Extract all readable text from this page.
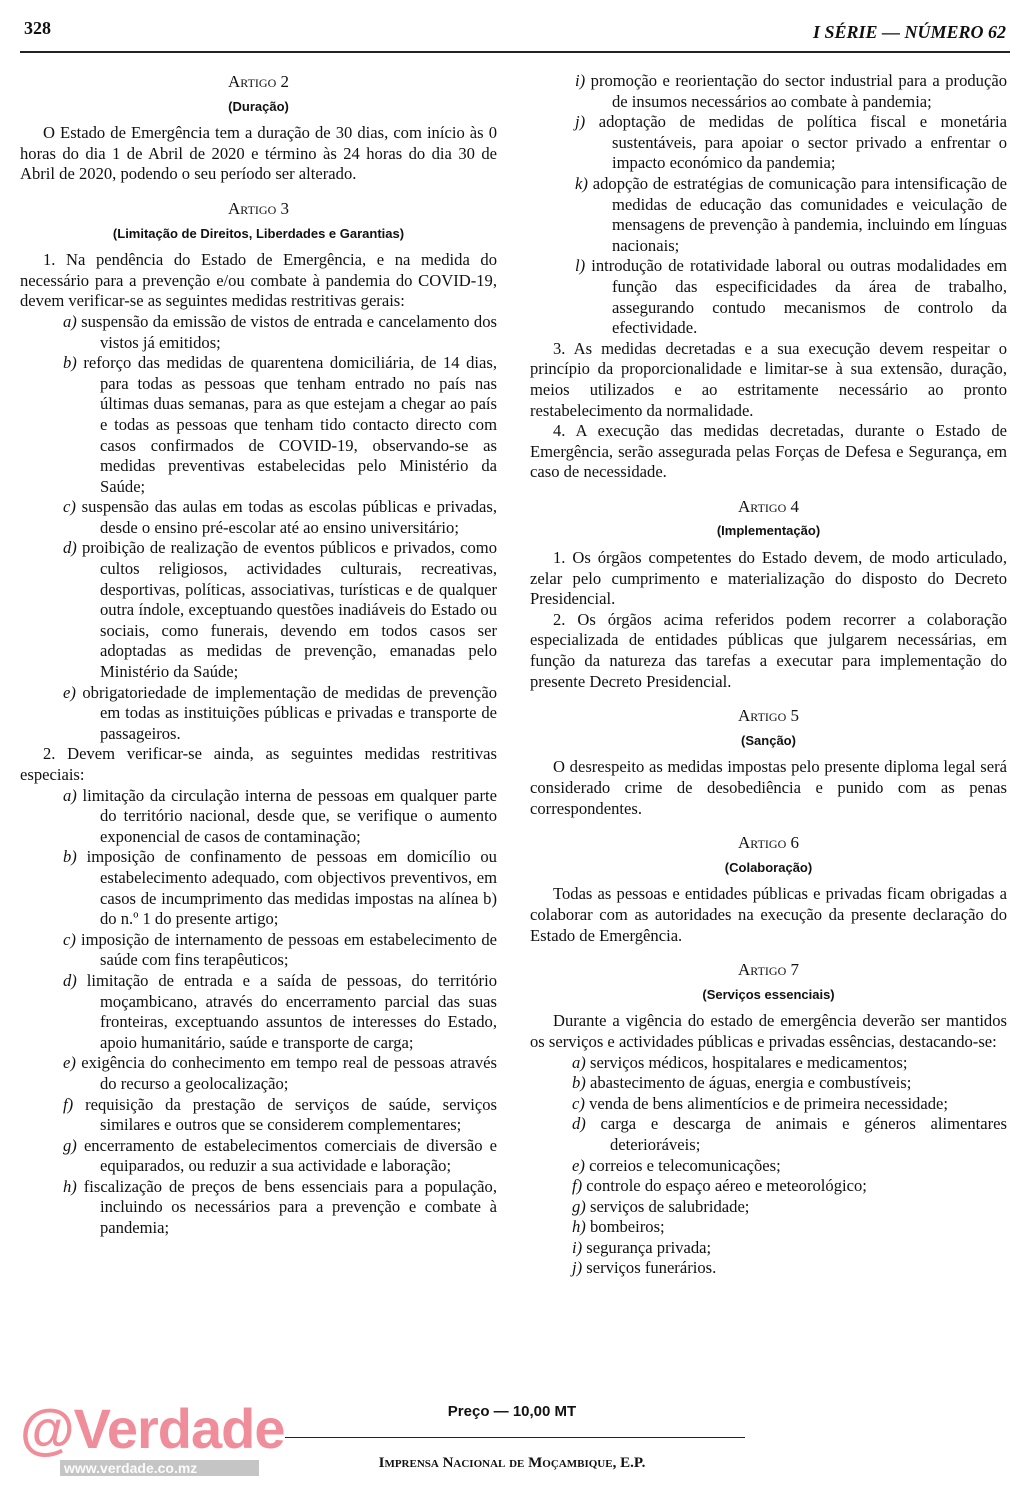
328	I SÉRIE — NÚMERO 62
Artigo 2
(Duração)
O Estado de Emergência tem a duração de 30 dias, com início às 0 horas do dia 1 de Abril de 2020 e término às 24 horas do dia 30 de Abril de 2020, podendo o seu período ser alterado.
Artigo 3
(Limitação de Direitos, Liberdades e Garantias)
1. Na pendência do Estado de Emergência, e na medida do necessário para a prevenção e/ou combate à pandemia do COVID-19, devem verificar-se as seguintes medidas restritivas gerais:
a) suspensão da emissão de vistos de entrada e cancelamento dos vistos já emitidos;
b) reforço das medidas de quarentena domiciliária, de 14 dias, para todas as pessoas que tenham entrado no país nas últimas duas semanas, para as que estejam a chegar ao país e todas as pessoas que tenham tido contacto directo com casos confirmados de COVID-19, observando-se as medidas preventivas estabelecidas pelo Ministério da Saúde;
c) suspensão das aulas em todas as escolas públicas e privadas, desde o ensino pré-escolar até ao ensino universitário;
d) proibição de realização de eventos públicos e privados, como cultos religiosos, actividades culturais, recreativas, desportivas, políticas, associativas, turísticas e de qualquer outra índole, exceptuando questões inadiáveis do Estado ou sociais, como funerais, devendo em todos casos ser adoptadas as medidas de prevenção, emanadas pelo Ministério da Saúde;
e) obrigatoriedade de implementação de medidas de prevenção em todas as instituições públicas e privadas e transporte de passageiros.
2. Devem verificar-se ainda, as seguintes medidas restritivas especiais:
a) limitação da circulação interna de pessoas em qualquer parte do território nacional, desde que, se verifique o aumento exponencial de casos de contaminação;
b) imposição de confinamento de pessoas em domicílio ou estabelecimento adequado, com objectivos preventivos, em casos de incumprimento das medidas impostas na alínea b) do n.º 1 do presente artigo;
c) imposição de internamento de pessoas em estabelecimento de saúde com fins terapêuticos;
d) limitação de entrada e a saída de pessoas, do território moçambicano, através do encerramento parcial das suas fronteiras, exceptuando assuntos de interesses do Estado, apoio humanitário, saúde e transporte de carga;
e) exigência do conhecimento em tempo real de pessoas através do recurso a geolocalização;
f) requisição da prestação de serviços de saúde, serviços similares e outros que se considerem complementares;
g) encerramento de estabelecimentos comerciais de diversão e equiparados, ou reduzir a sua actividade e laboração;
h) fiscalização de preços de bens essenciais para a população, incluindo os necessários para a prevenção e combate à pandemia;
i) promoção e reorientação do sector industrial para a produção de insumos necessários ao combate à pandemia;
j) adoptação de medidas de política fiscal e monetária sustentáveis, para apoiar o sector privado a enfrentar o impacto económico da pandemia;
k) adopção de estratégias de comunicação para intensificação de medidas de educação das comunidades e veiculação de mensagens de prevenção à pandemia, incluindo em línguas nacionais;
l) introdução de rotatividade laboral ou outras modalidades em função das especificidades da área de trabalho, assegurando contudo mecanismos de controlo da efectividade.
3. As medidas decretadas e a sua execução devem respeitar o princípio da proporcionalidade e limitar-se à sua extensão, duração, meios utilizados e ao estritamente necessário ao pronto restabelecimento da normalidade.
4. A execução das medidas decretadas, durante o Estado de Emergência, serão assegurada pelas Forças de Defesa e Segurança, em caso de necessidade.
Artigo 4
(Implementação)
1. Os órgãos competentes do Estado devem, de modo articulado, zelar pelo cumprimento e materialização do disposto do Decreto Presidencial.
2. Os órgãos acima referidos podem recorrer a colaboração especializada de entidades públicas que julgarem necessárias, em função da natureza das tarefas a executar para implementação do presente Decreto Presidencial.
Artigo 5
(Sanção)
O desrespeito as medidas impostas pelo presente diploma legal será considerado crime de desobediência e punido com as penas correspondentes.
Artigo 6
(Colaboração)
Todas as pessoas e entidades públicas e privadas ficam obrigadas a colaborar com as autoridades na execução da presente declaração do Estado de Emergência.
Artigo 7
(Serviços essenciais)
Durante a vigência do estado de emergência deverão ser mantidos os serviços e actividades públicas e privadas essências, destacando-se:
a) serviços médicos, hospitalares e medicamentos;
b) abastecimento de águas, energia e combustíveis;
c) venda de bens alimentícios e de primeira necessidade;
d) carga e descarga de animais e géneros alimentares deterioráveis;
e) correios e telecomunicações;
f) controle do espaço aéreo e meteorológico;
g) serviços de salubridade;
h) bombeiros;
i) segurança privada;
j) serviços funerários.
@Verdade
www.verdade.co.mz
Preço — 10,00 MT
Imprensa Nacional de Moçambique, E.P.
